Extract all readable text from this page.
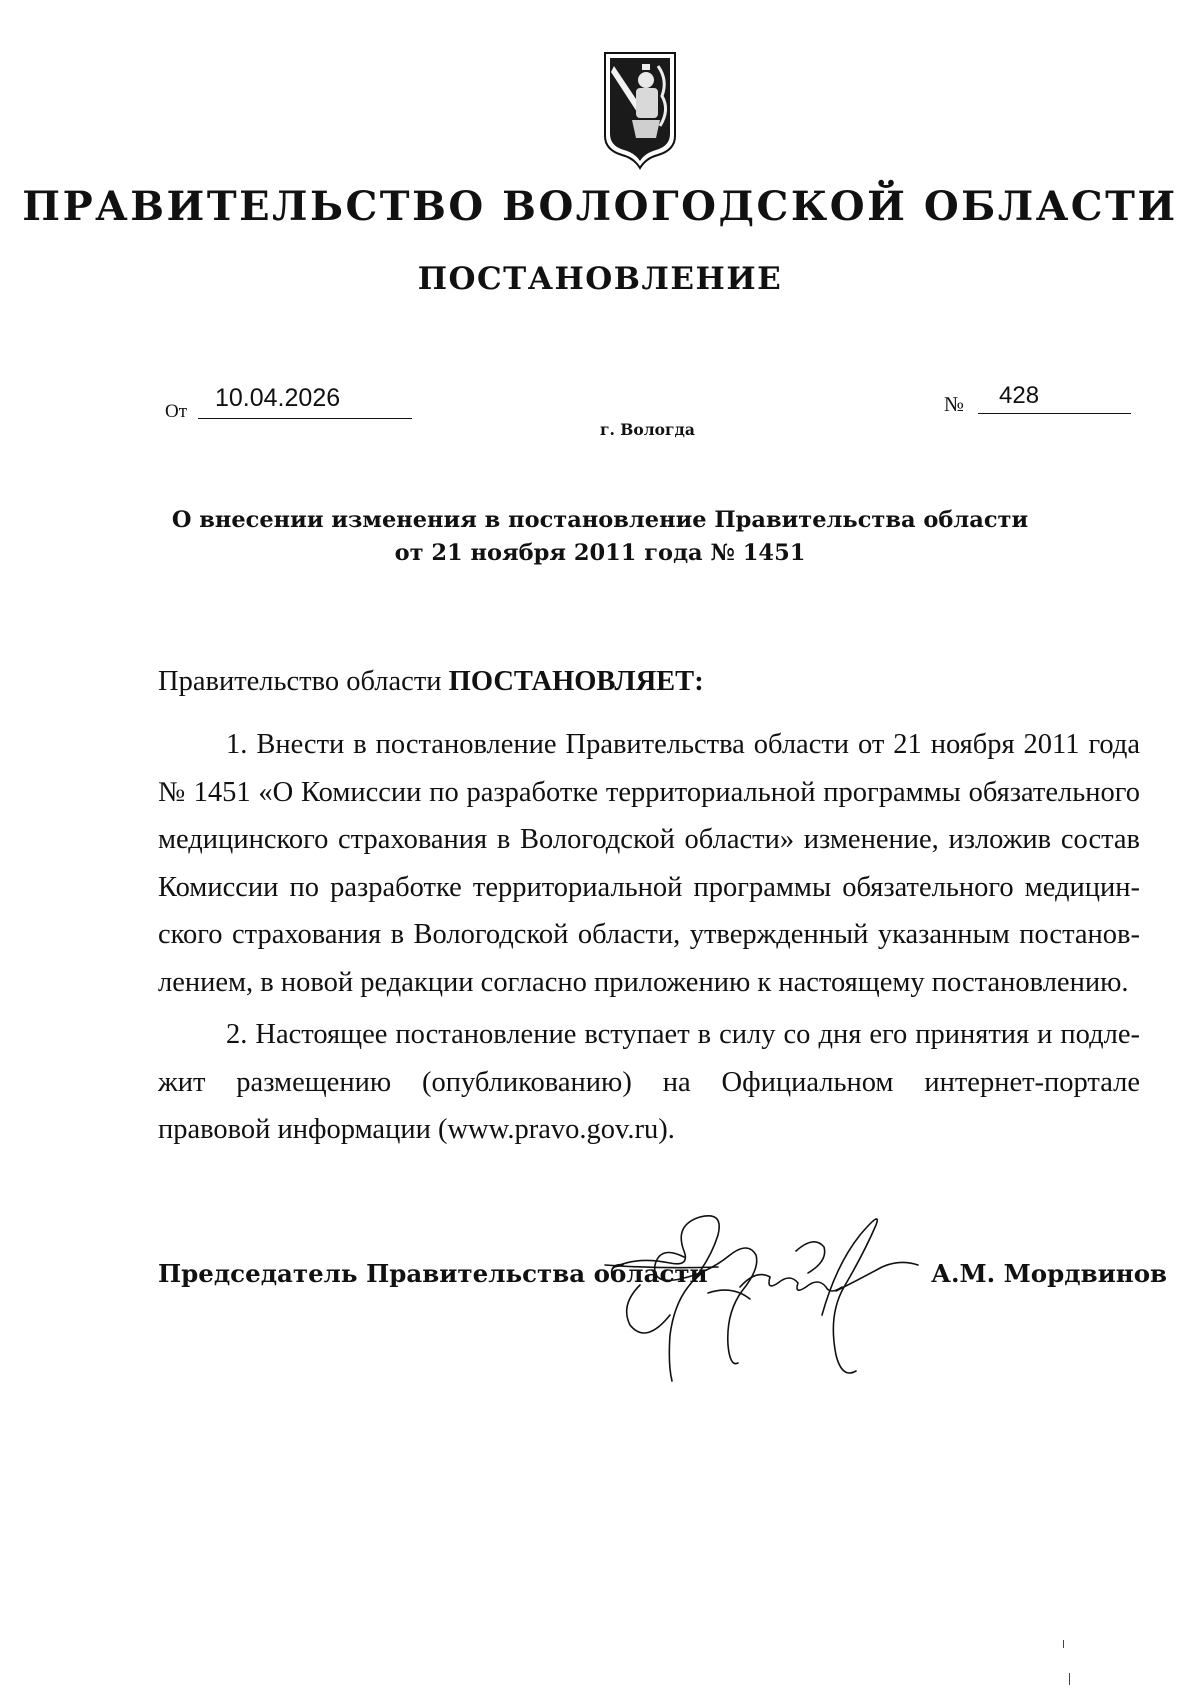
ПРАВИТЕЛЬСТВО ВОЛОГОДСКОЙ ОБЛАСТИ
ПОСТАНОВЛЕНИЕ
От 10.04.2026	№ 428
г. Вологда
О внесении изменения в постановление Правительства области
от 21 ноября 2011 года № 1451
Правительство области ПОСТАНОВЛЯЕТ:

1. Внести в постановление Правительства области от 21 ноября 2011 года № 1451 «О Комиссии по разработке территориальной программы обязательного медицинского страхования в Вологодской области» изменение, изложив состав Комиссии по разработке территориальной программы обязательного медицинского страхования в Вологодской области, утвержденный указанным постановлением, в новой редакции согласно приложению к настоящему постановлению.

2. Настоящее постановление вступает в силу со дня его принятия и подлежит размещению (опубликованию) на Официальном интернет-портале правовой информации (www.pravo.gov.ru).

Председатель Правительства области	А.М. Мордвинов
